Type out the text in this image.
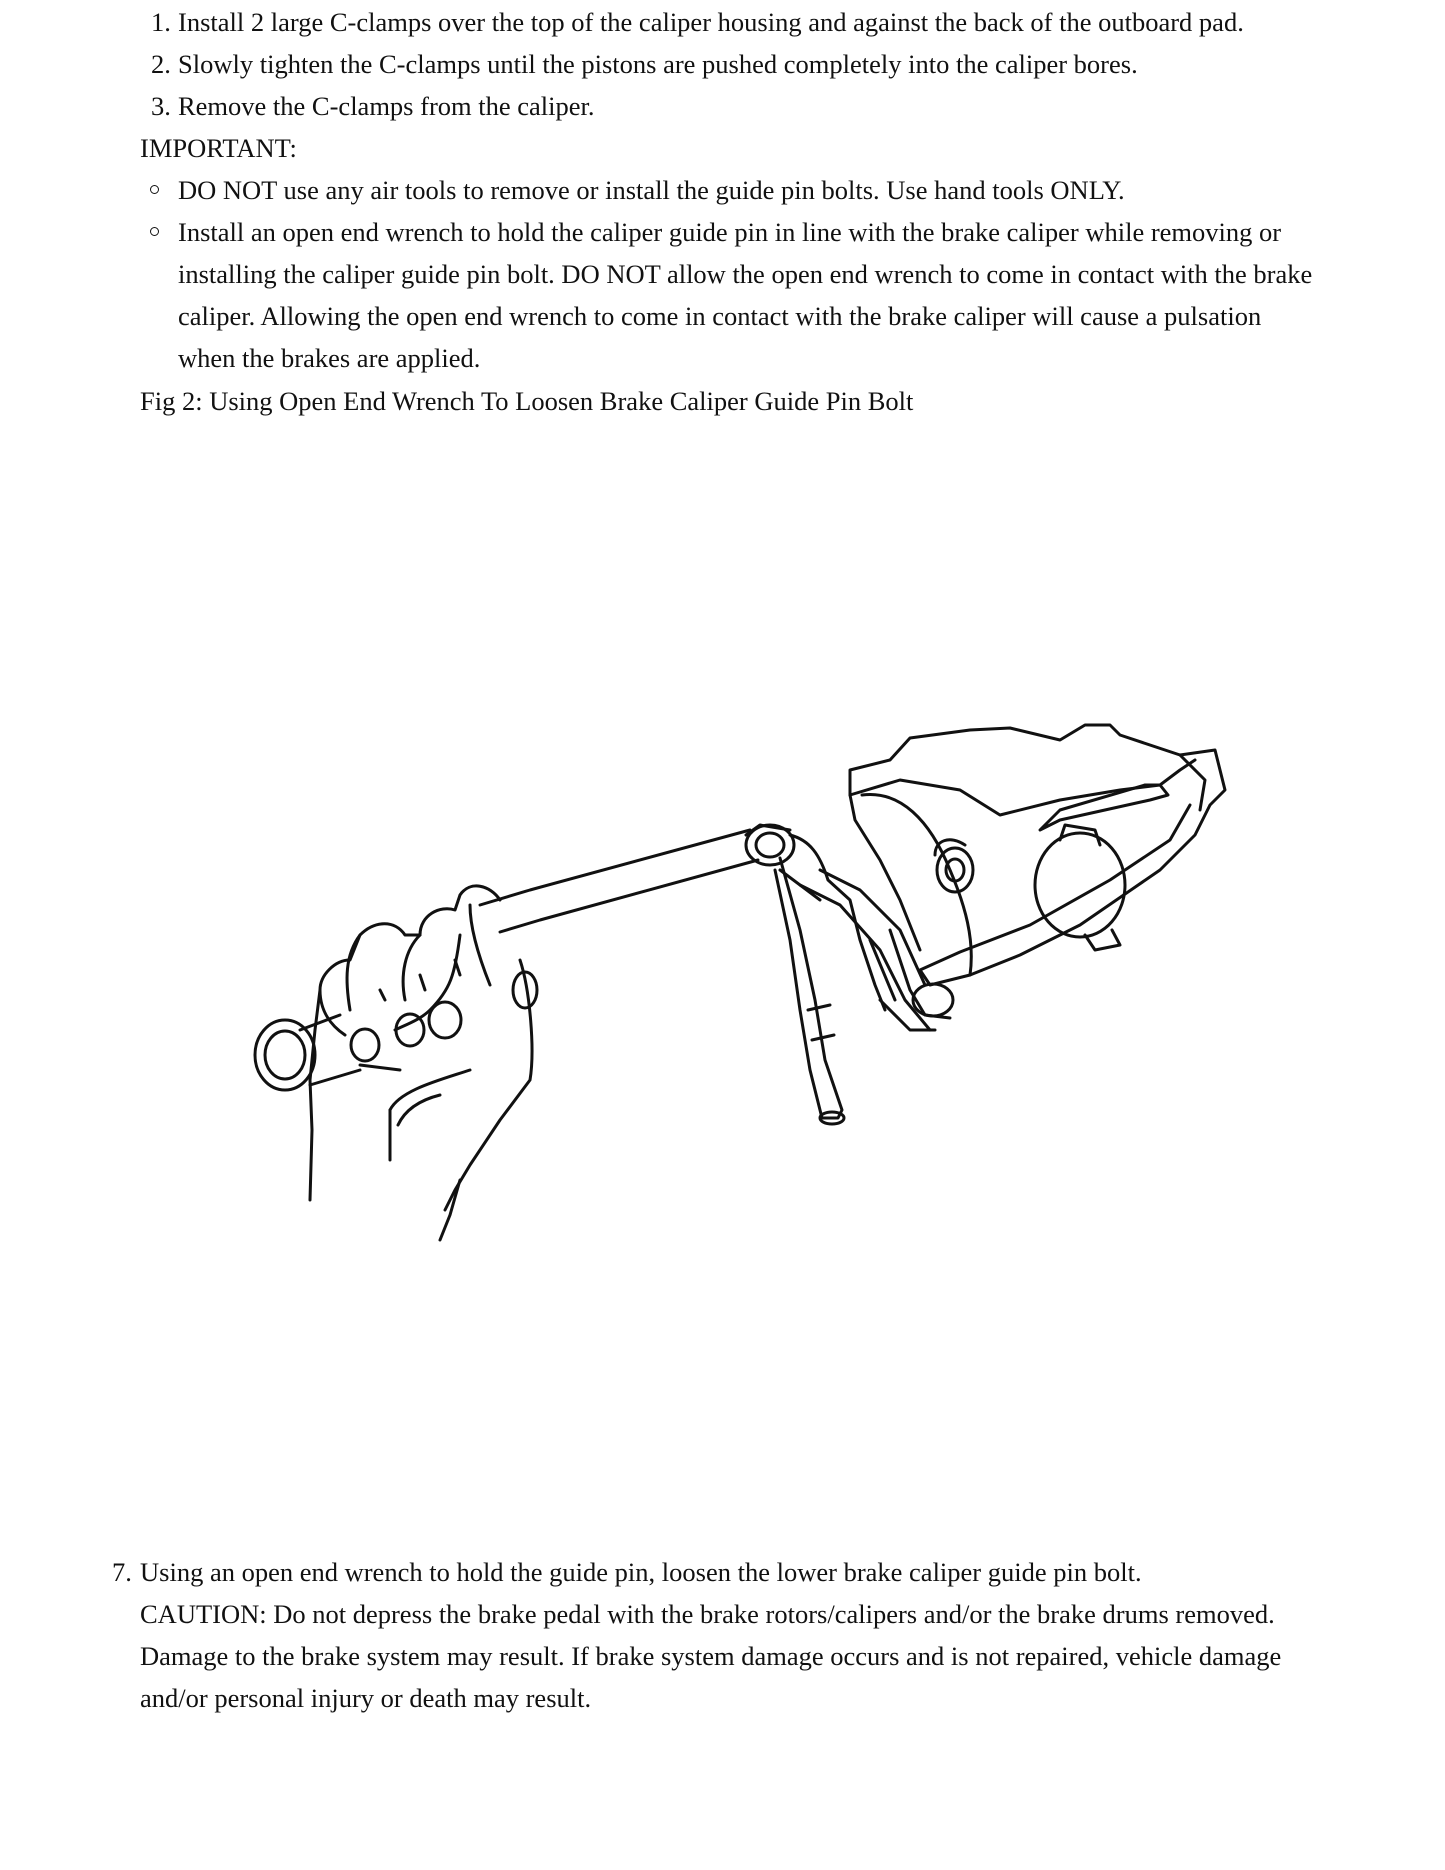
1. Install 2 large C-clamps over the top of the caliper housing and against the back of the outboard pad.
2. Slowly tighten the C-clamps until the pistons are pushed completely into the caliper bores.
3. Remove the C-clamps from the caliper.
IMPORTANT:
DO NOT use any air tools to remove or install the guide pin bolts. Use hand tools ONLY.
Install an open end wrench to hold the caliper guide pin in line with the brake caliper while removing or
installing the caliper guide pin bolt. DO NOT allow the open end wrench to come in contact with the brake
caliper. Allowing the open end wrench to come in contact with the brake caliper will cause a pulsation
when the brakes are applied.
Fig 2: Using Open End Wrench To Loosen Brake Caliper Guide Pin Bolt
7. Using an open end wrench to hold the guide pin, loosen the lower brake caliper guide pin bolt.
CAUTION: Do not depress the brake pedal with the brake rotors/calipers and/or the brake drums removed.
Damage to the brake system may result. If brake system damage occurs and is not repaired, vehicle damage
and/or personal injury or death may result.
